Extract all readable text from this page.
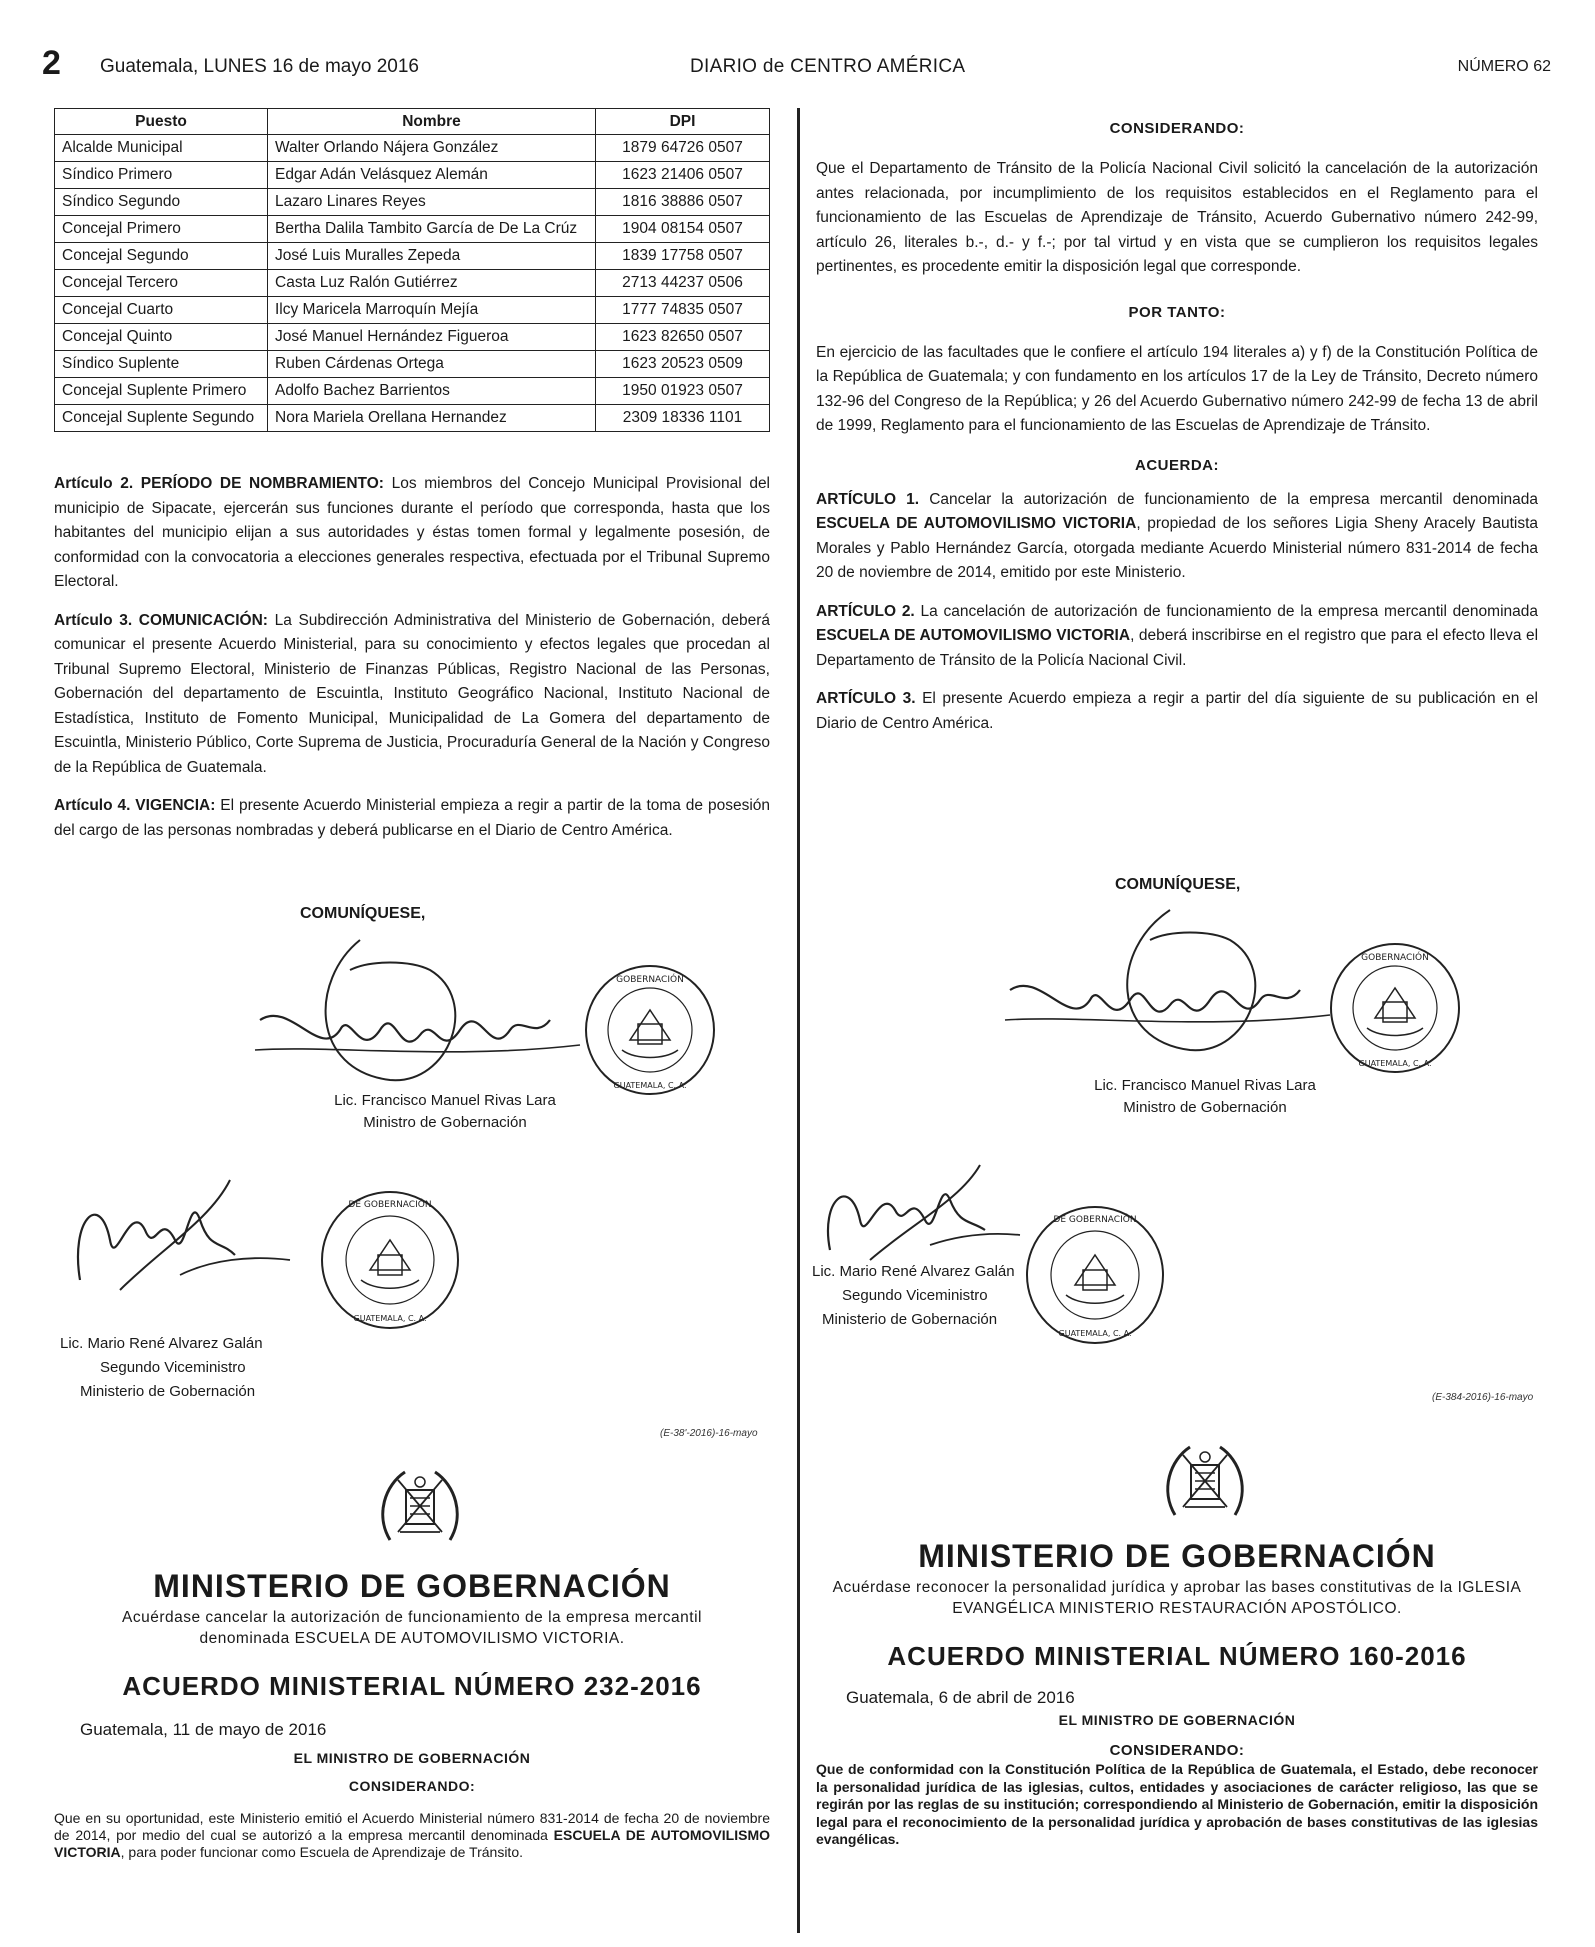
2 Guatemala, LUNES 16 de mayo 2016	DIARIO de CENTRO AMÉRICA	NÚMERO 62
Puesto	Nombre	DPI
Alcalde Municipal	Walter Orlando Nájera González	1879 64726 0507
Síndico Primero	Edgar Adán Velásquez Alemán	1623 21406 0507
Síndico Segundo	Lazaro Linares Reyes	1816 38886 0507
Concejal Primero	Bertha Dalila Tambito García de De La Crúz	1904 08154 0507
Concejal Segundo	José Luis Muralles Zepeda	1839 17758 0507
Concejal Tercero	Casta Luz Ralón Gutiérrez	2713 44237 0506
Concejal Cuarto	Ilcy Maricela Marroquín Mejía	1777 74835 0507
Concejal Quinto	José Manuel Hernández Figueroa	1623 82650 0507
Síndico Suplente	Ruben Cárdenas Ortega	1623 20523 0509
Concejal Suplente Primero	Adolfo Bachez Barrientos	1950 01923 0507
Concejal Suplente Segundo	Nora Mariela Orellana Hernandez	2309 18336 1101

Artículo 2. PERÍODO DE NOMBRAMIENTO: Los miembros del Concejo Municipal Provisional del municipio de Sipacate, ejercerán sus funciones durante el período que corresponda, hasta que los habitantes del municipio elijan a sus autoridades y éstas tomen formal y legalmente posesión, de conformidad con la convocatoria a elecciones generales respectiva, efectuada por el Tribunal Supremo Electoral.

Artículo 3. COMUNICACIÓN: La Subdirección Administrativa del Ministerio de Gobernación, deberá comunicar el presente Acuerdo Ministerial, para su conocimiento y efectos legales que procedan al Tribunal Supremo Electoral, Ministerio de Finanzas Públicas, Registro Nacional de las Personas, Gobernación del departamento de Escuintla, Instituto Geográfico Nacional, Instituto Nacional de Estadística, Instituto de Fomento Municipal, Municipalidad de La Gomera del departamento de Escuintla, Ministerio Público, Corte Suprema de Justicia, Procuraduría General de la Nación y Congreso de la República de Guatemala.

Artículo 4. VIGENCIA: El presente Acuerdo Ministerial empieza a regir a partir de la toma de posesión del cargo de las personas nombradas y deberá publicarse en el Diario de Centro América.

COMUNÍQUESE,
GOBERNACIÓN
GUATEMALA, C. A.
Lic. Francisco Manuel Rivas Lara
Ministro de Gobernación
DE GOBERNACIÓN
GUATEMALA, C. A.
Lic. Mario René Alvarez Galán
Segundo Viceministro
Ministerio de Gobernación
(E-38'-2016)-16-mayo
MINISTERIO DE GOBERNACIÓN
Acuérdase cancelar la autorización de funcionamiento de la empresa mercantil denominada ESCUELA DE AUTOMOVILISMO VICTORIA.
ACUERDO MINISTERIAL NÚMERO 232-2016
Guatemala, 11 de mayo de 2016
EL MINISTRO DE GOBERNACIÓN
CONSIDERANDO:

Que en su oportunidad, este Ministerio emitió el Acuerdo Ministerial número 831-2014 de fecha 20 de noviembre de 2014, por medio del cual se autorizó a la empresa mercantil denominada ESCUELA DE AUTOMOVILISMO VICTORIA, para poder funcionar como Escuela de Aprendizaje de Tránsito.

CONSIDERANDO:

Que el Departamento de Tránsito de la Policía Nacional Civil solicitó la cancelación de la autorización antes relacionada, por incumplimiento de los requisitos establecidos en el Reglamento para el funcionamiento de las Escuelas de Aprendizaje de Tránsito, Acuerdo Gubernativo número 242-99, artículo 26, literales b.-, d.- y f.-; por tal virtud y en vista que se cumplieron los requisitos legales pertinentes, es procedente emitir la disposición legal que corresponde.

POR TANTO:

En ejercicio de las facultades que le confiere el artículo 194 literales a) y f) de la Constitución Política de la República de Guatemala; y con fundamento en los artículos 17 de la Ley de Tránsito, Decreto número 132-96 del Congreso de la República; y 26 del Acuerdo Gubernativo número 242-99 de fecha 13 de abril de 1999, Reglamento para el funcionamiento de las Escuelas de Aprendizaje de Tránsito.

ACUERDA:

ARTÍCULO 1. Cancelar la autorización de funcionamiento de la empresa mercantil denominada ESCUELA DE AUTOMOVILISMO VICTORIA, propiedad de los señores Ligia Sheny Aracely Bautista Morales y Pablo Hernández García, otorgada mediante Acuerdo Ministerial número 831-2014 de fecha 20 de noviembre de 2014, emitido por este Ministerio.

ARTÍCULO 2. La cancelación de autorización de funcionamiento de la empresa mercantil denominada ESCUELA DE AUTOMOVILISMO VICTORIA, deberá inscribirse en el registro que para el efecto lleva el Departamento de Tránsito de la Policía Nacional Civil.

ARTÍCULO 3. El presente Acuerdo empieza a regir a partir del día siguiente de su publicación en el Diario de Centro América.

COMUNÍQUESE,
GOBERNACIÓN
GUATEMALA, C. A.
Lic. Francisco Manuel Rivas Lara
Ministro de Gobernación
DE GOBERNACIÓN
GUATEMALA, C. A.
Lic. Mario René Alvarez Galán
Segundo Viceministro
Ministerio de Gobernación
(E-384-2016)-16-mayo
MINISTERIO DE GOBERNACIÓN
Acuérdase reconocer la personalidad jurídica y aprobar las bases constitutivas de la IGLESIA EVANGÉLICA MINISTERIO RESTAURACIÓN APOSTÓLICO.
ACUERDO MINISTERIAL NÚMERO 160-2016
Guatemala, 6 de abril de 2016
EL MINISTRO DE GOBERNACIÓN
CONSIDERANDO:

Que de conformidad con la Constitución Política de la República de Guatemala, el Estado, debe reconocer la personalidad jurídica de las iglesias, cultos, entidades y asociaciones de carácter religioso, las que se regirán por las reglas de su institución; correspondiendo al Ministerio de Gobernación, emitir la disposición legal para el reconocimiento de la personalidad jurídica y aprobación de bases constitutivas de las iglesias evangélicas.
